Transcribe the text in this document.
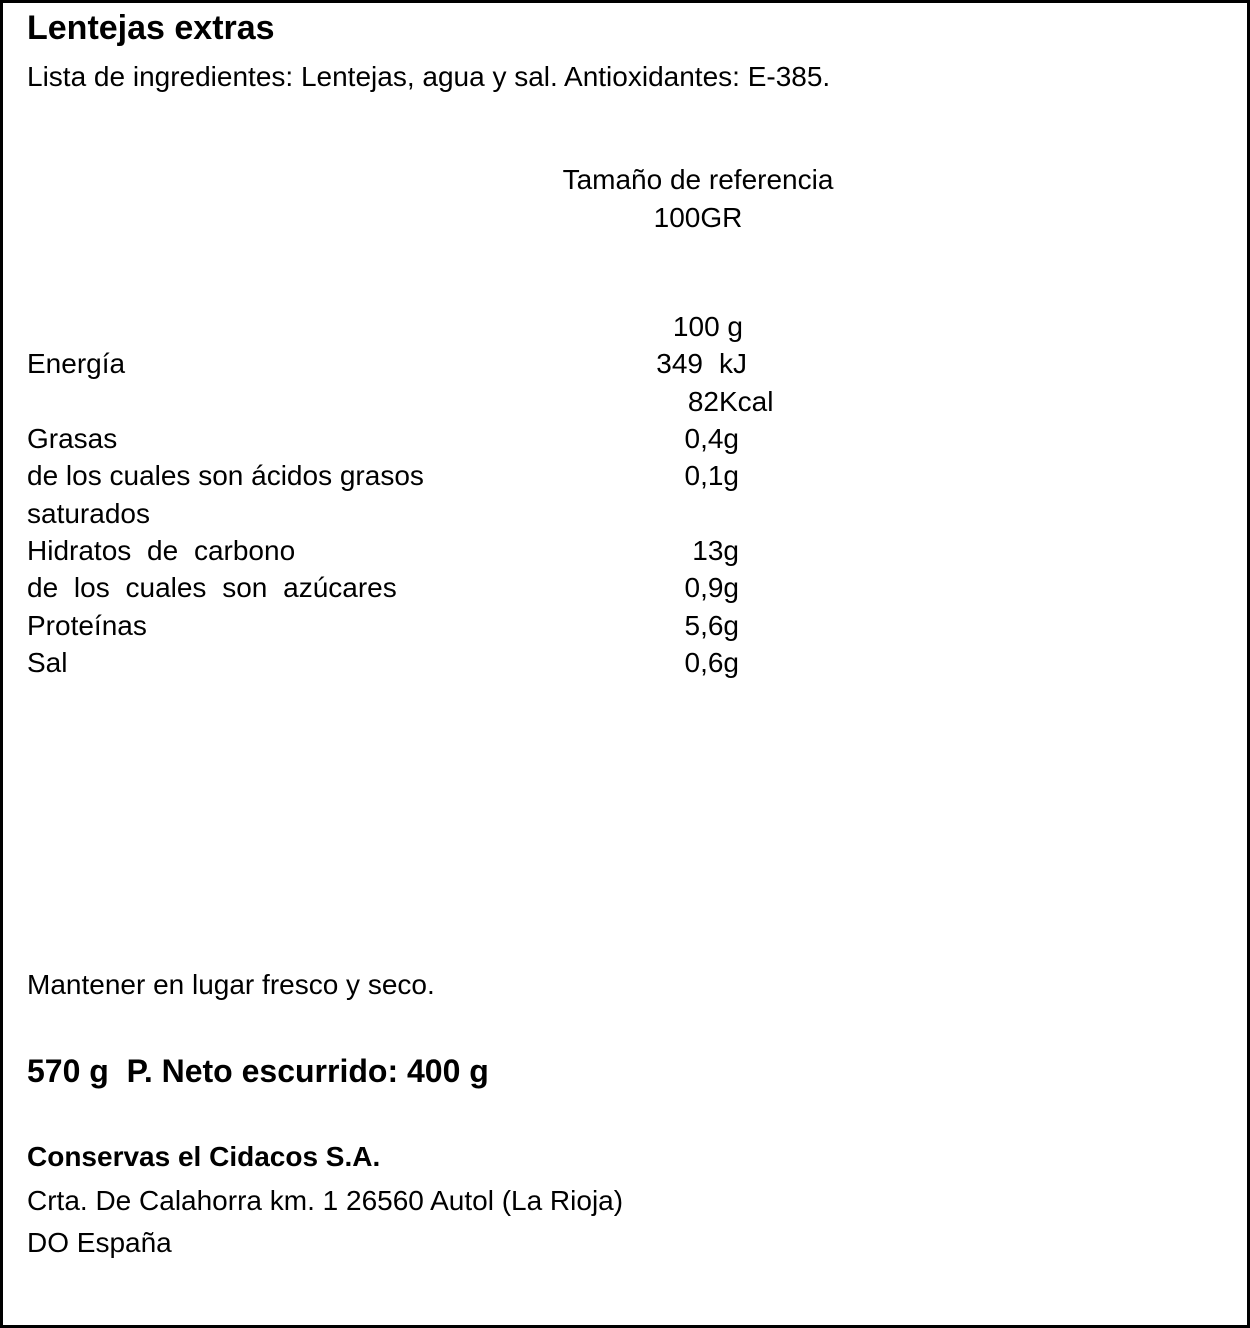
Lentejas extras
Lista de ingredientes: Lentejas, agua y sal. Antioxidantes: E-385.
Tamaño de referencia
100GR
100 g
Energía	349 kJ
82 Kcal
Grasas	0,4g
de los cuales son ácidos grasos	0,1g
saturados
Hidratos de carbono	13g
de los cuales son azúcares	0,9g
Proteínas	5,6g
Sal	0,6g
Mantener en lugar fresco y seco.
570 g  P. Neto escurrido: 400 g
Conservas el Cidacos S.A.
Crta. De Calahorra km. 1 26560 Autol (La Rioja)
DO España
